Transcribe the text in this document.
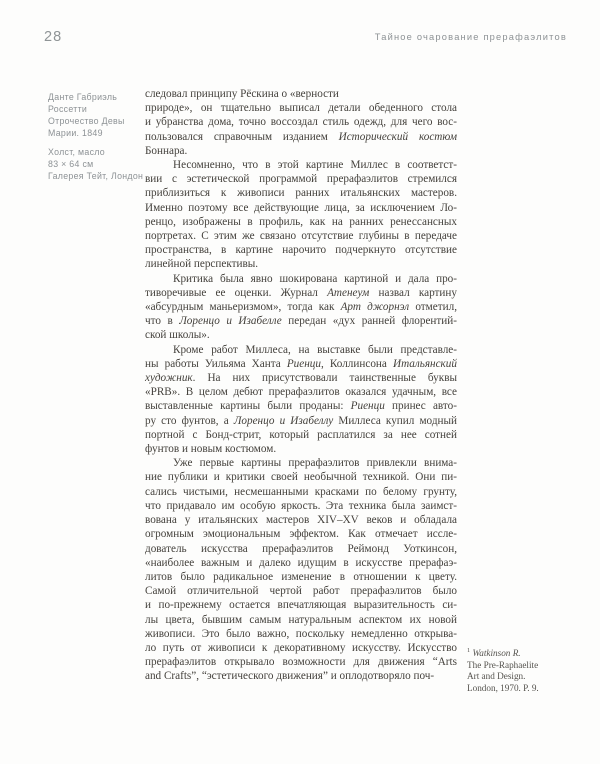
28	Тайное очарование прерафаэлитов
Данте Габриэль
Россетти
Отрочество Девы
Марии. 1849
Холст, масло
83 × 64 см
Галерея Тейт, Лондон
следовал принципу Рёскина о «верности
природе», он тщательно выписал детали обеденного стола
и убранства дома, точно воссоздал стиль одежд, для чего вос-
пользовался справочным изданием Исторический костюм
Боннара.
Несомненно, что в этой картине Миллес в соответст-
вии с эстетической программой прерафаэлитов стремился
приблизиться к живописи ранних итальянских мастеров.
Именно поэтому все действующие лица, за исключением Ло-
ренцо, изображены в профиль, как на ранних ренессансных
портретах. С этим же связано отсутствие глубины в передаче
пространства, в картине нарочито подчеркнуто отсутствие
линейной перспективы.
Критика была явно шокирована картиной и дала про-
тиворечивые ее оценки. Журнал Атенеум назвал картину
«абсурдным маньеризмом», тогда как Арт джорнэл отметил,
что в Лоренцо и Изабелле передан «дух ранней флорентий-
ской школы».
Кроме работ Миллеса, на выставке были представле-
ны работы Уильяма Ханта Риенци, Коллинсона Итальянский
художник. На них присутствовали таинственные буквы
«PRB». В целом дебют прерафаэлитов оказался удачным, все
выставленные картины были проданы: Риенци принес авто-
ру сто фунтов, а Лоренцо и Изабеллу Миллеса купил модный
портной с Бонд-стрит, который расплатился за нее сотней
фунтов и новым костюмом.
Уже первые картины прерафаэлитов привлекли внима-
ние публики и критики своей необычной техникой. Они пи-
сались чистыми, несмешанными красками по белому грунту,
что придавало им особую яркость. Эта техника была заимст-
вована у итальянских мастеров XIV–XV веков и обладала
огромным эмоциональным эффектом. Как отмечает иссле-
дователь искусства прерафаэлитов Реймонд Уоткинсон,
«наиболее важным и далеко идущим в искусстве прерафаэ-
литов было радикальное изменение в отношении к цвету.
Самой отличительной чертой работ прерафаэлитов было
и по-прежнему остается впечатляющая выразительность си-
лы цвета, бывшим самым натуральным аспектом их новой
живописи. Это было важно, поскольку немедленно открыва-
ло путь от живописи к декоративному искусству. Искусство
прерафаэлитов открывало возможности для движения “Arts
and Crafts”, “эстетического движения” и оплодотворяло поч-
$^1$ Watkinson R.
The Pre-Raphaelite
Art and Design.
London, 1970. P. 9.
